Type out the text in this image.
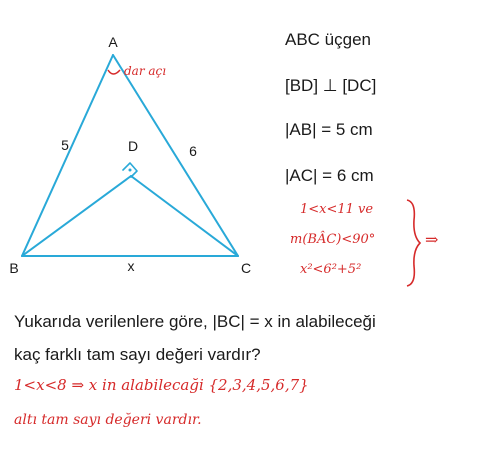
A
B	C
D
5	6
x
dar açı
ABC üçgen
[BD] ⊥ [DC]
|AB| = 5 cm
|AC| = 6 cm
1<x<11 ve
m(BÂC)<90°
x²<6²+5²
⇒
Yukarıda verilenlere göre, |BC| = x in alabileceği
kaç farklı tam sayı değeri vardır?
1<x<8 ⇒ x in alabilecaği {2,3,4,5,6,7}
altı tam sayı değeri vardır.
